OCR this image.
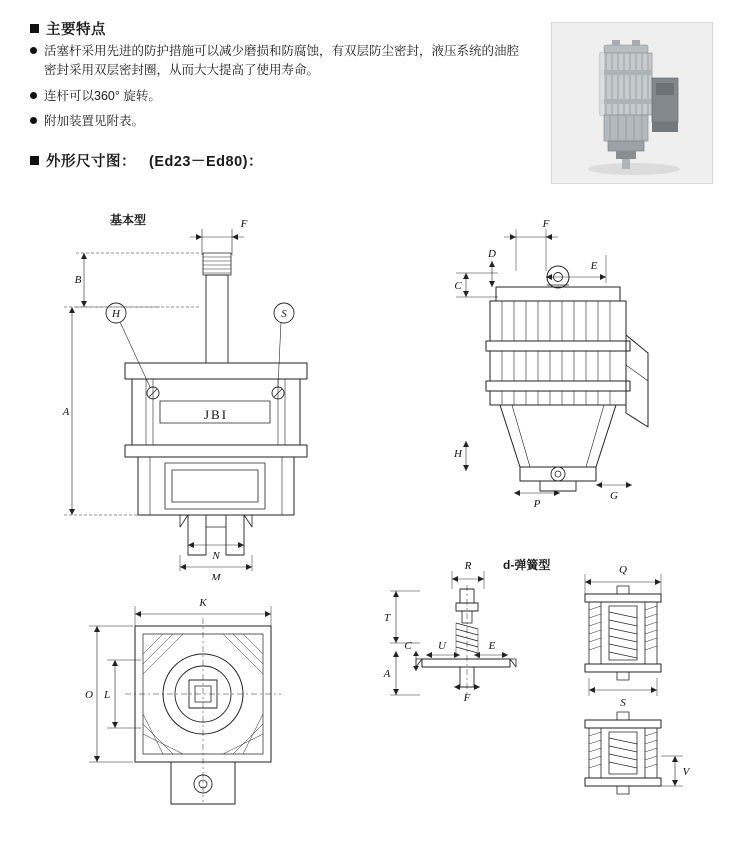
主要特点
活塞杆采用先进的防护措施可以减少磨损和防腐蚀，有双层防尘密封，液压系统的油腔密封采用双层密封圈，从而大大提高了使用寿命。
连杆可以360° 旋转。
附加装置见附表。
外形尺寸图： (Ed23－Ed80)：
基本型
d-弹簧型
F
B
H	S
A
N
M
JBI
F
E
C
D
H
P
G
K
L
O
R
T
U
C	E
A
F
Q
S
V
